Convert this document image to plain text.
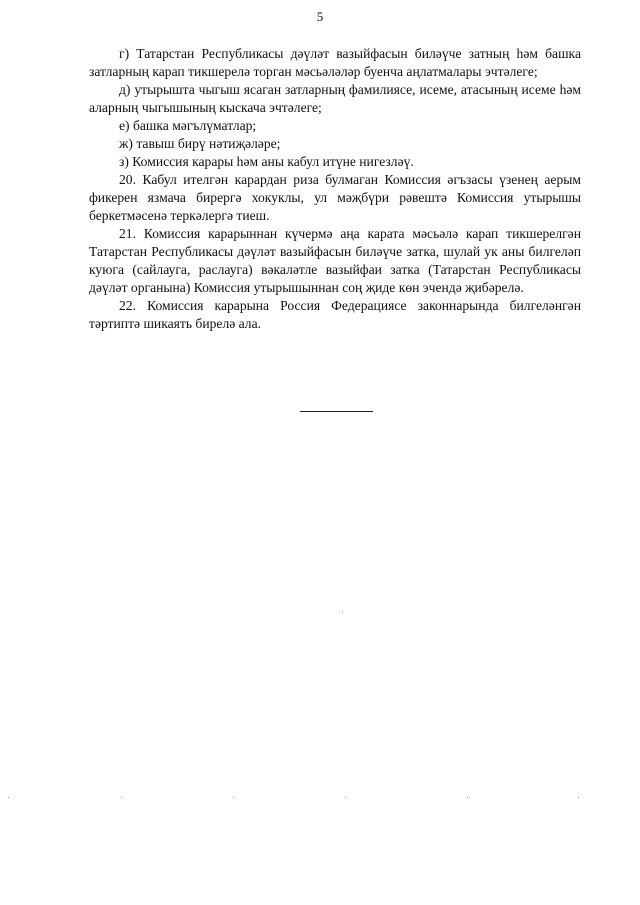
5

г) Татарстан Республикасы дәүләт вазыйфасын биләүче затның һәм башка затларның карап тикшерелә торган мәсьәләләр буенча аңлатмалары эчтәлеге;

д) утырышта чыгыш ясаган затларның фамилиясе, исеме, атасының исеме һәм аларның чыгышының кыскача эчтәлеге;

е) башка мәгълүматлар;

ж) тавыш бирү нәтиҗәләре;

з) Комиссия карары һәм аны кабул итүне нигезләү.

20. Кабул ителгән карардан риза булмаган Комиссия әгъзасы үзенең аерым фикерен язмача бирергә хокуклы, ул мәҗбүри рәвештә Комиссия утырышы беркетмәсенә теркәлергә тиеш.

21. Комиссия карарыннан күчермә аңа карата мәсьәлә карап тикшерелгән Татарстан Республикасы дәүләт вазыйфасын биләүче затка, шулай ук аны билгеләп куюга (сайлауга, раслауга) вәкаләтле вазыйфаи затка (Татарстан Республикасы дәүләт органына) Комиссия утырышыннан соң җиде көн эчендә җибәрелә.

22. Комиссия карарына Россия Федерациясе законнарында билгеләнгән тәртиптә шикаять бирелә ала.
